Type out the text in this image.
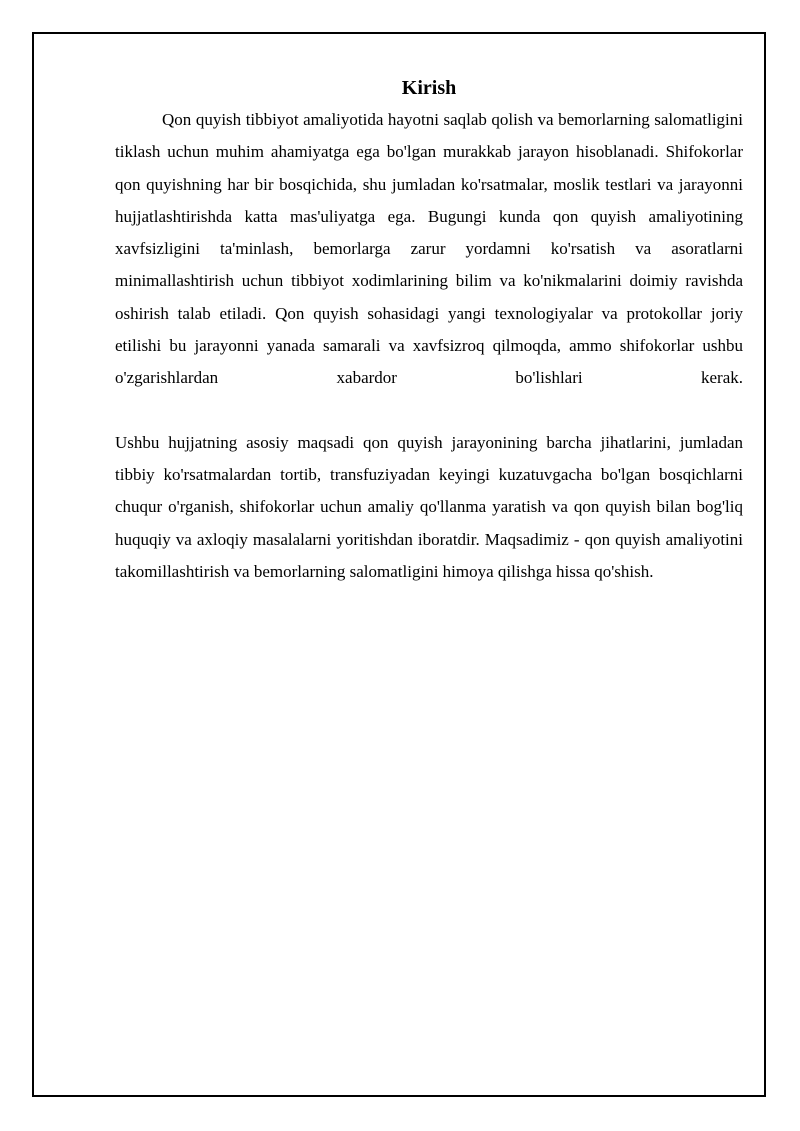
Kirish

Qon quyish tibbiyot amaliyotida hayotni saqlab qolish va bemorlarning salomatligini tiklash uchun muhim ahamiyatga ega bo'lgan murakkab jarayon hisoblanadi. Shifokorlar qon quyishning har bir bosqichida, shu jumladan ko'rsatmalar, moslik testlari va jarayonni hujjatlashtirishda katta mas'uliyatga ega. Bugungi kunda qon quyish amaliyotining xavfsizligini ta'minlash, bemorlarga zarur yordamni ko'rsatish va asoratlarni minimallashtirish uchun tibbiyot xodimlarining bilim va ko'nikmalarini doimiy ravishda oshirish talab etiladi. Qon quyish sohasidagi yangi texnologiyalar va protokollar joriy etilishi bu jarayonni yanada samarali va xavfsizroq qilmoqda, ammo shifokorlar ushbu o'zgarishlardan xabardor bo'lishlari kerak.

Ushbu hujjatning asosiy maqsadi qon quyish jarayonining barcha jihatlarini, jumladan tibbiy ko'rsatmalardan tortib, transfuziyadan keyingi kuzatuvgacha bo'lgan bosqichlarni chuqur o'rganish, shifokorlar uchun amaliy qo'llanma yaratish va qon quyish bilan bog'liq huquqiy va axloqiy masalalarni yoritishdan iboratdir. Maqsadimiz - qon quyish amaliyotini takomillashtirish va bemorlarning salomatligini himoya qilishga hissa qo'shish.
